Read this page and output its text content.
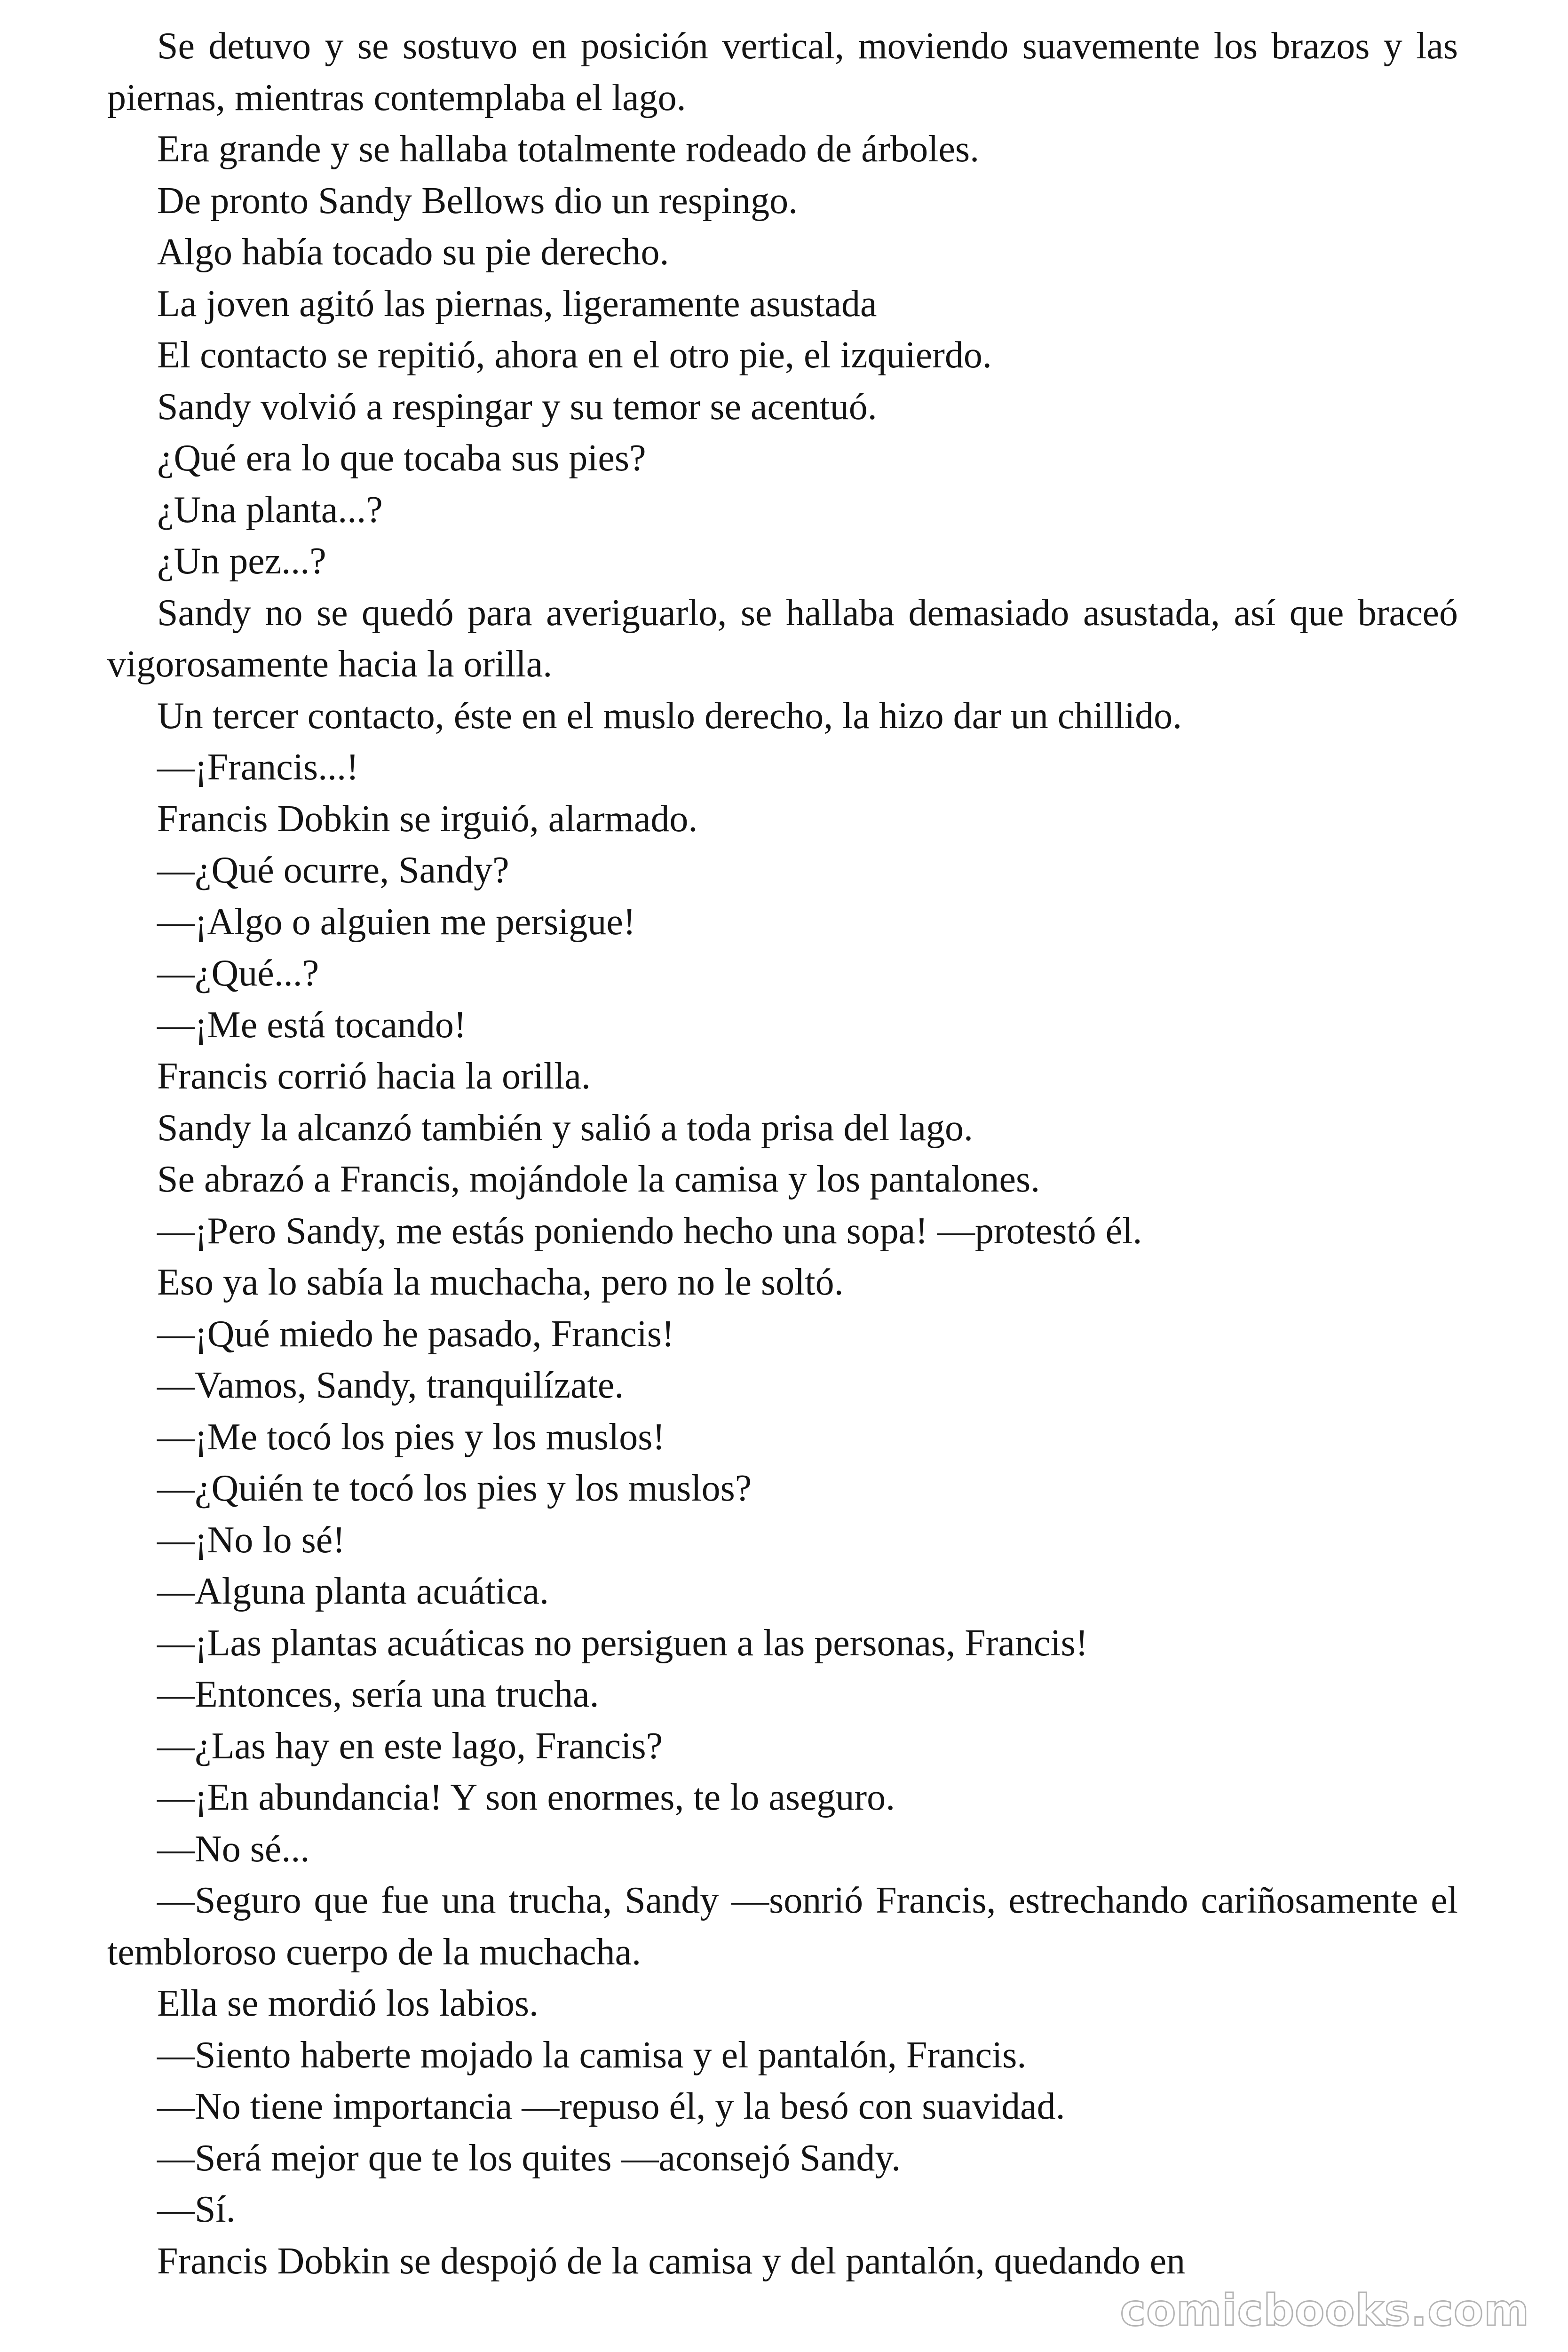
Se detuvo y se sostuvo en posición vertical, moviendo suavemente los brazos y las piernas, mientras contemplaba el lago.

Era grande y se hallaba totalmente rodeado de árboles.

De pronto Sandy Bellows dio un respingo.

Algo había tocado su pie derecho.

La joven agitó las piernas, ligeramente asustada

El contacto se repitió, ahora en el otro pie, el izquierdo.

Sandy volvió a respingar y su temor se acentuó.

¿Qué era lo que tocaba sus pies?

¿Una planta...?

¿Un pez...?

Sandy no se quedó para averiguarlo, se hallaba demasiado asustada, así que braceó vigorosamente hacia la orilla.

Un tercer contacto, éste en el muslo derecho, la hizo dar un chillido.

—¡Francis...!

Francis Dobkin se irguió, alarmado.

—¿Qué ocurre, Sandy?

—¡Algo o alguien me persigue!

—¿Qué...?

—¡Me está tocando!

Francis corrió hacia la orilla.

Sandy la alcanzó también y salió a toda prisa del lago.

Se abrazó a Francis, mojándole la camisa y los pantalones.

—¡Pero Sandy, me estás poniendo hecho una sopa! —protestó él.

Eso ya lo sabía la muchacha, pero no le soltó.

—¡Qué miedo he pasado, Francis!

—Vamos, Sandy, tranquilízate.

—¡Me tocó los pies y los muslos!

—¿Quién te tocó los pies y los muslos?

—¡No lo sé!

—Alguna planta acuática.

—¡Las plantas acuáticas no persiguen a las personas, Francis!

—Entonces, sería una trucha.

—¿Las hay en este lago, Francis?

—¡En abundancia! Y son enormes, te lo aseguro.

—No sé...

—Seguro que fue una trucha, Sandy —sonrió Francis, estrechando cariñosamente el tembloroso cuerpo de la muchacha.

Ella se mordió los labios.

—Siento haberte mojado la camisa y el pantalón, Francis.

—No tiene importancia —repuso él, y la besó con suavidad.

—Será mejor que te los quites —aconsejó Sandy.

—Sí.

Francis Dobkin se despojó de la camisa y del pantalón, quedando en

comicbooks.com
